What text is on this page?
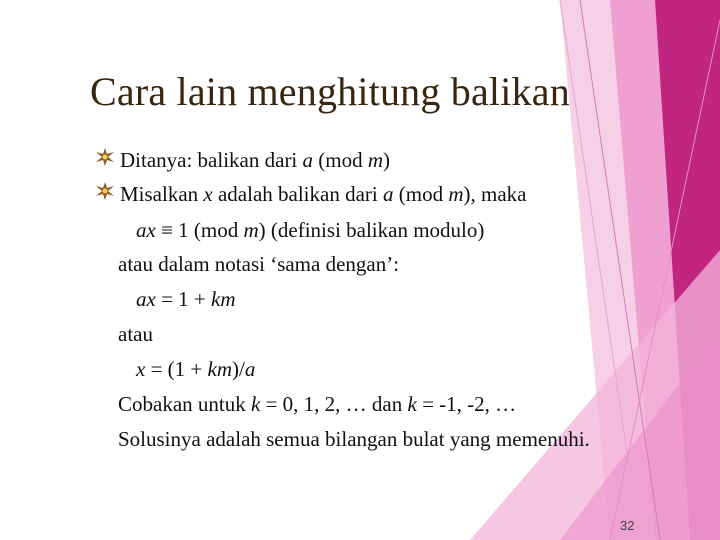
Cara lain menghitung balikan
Ditanya: balikan dari a (mod m)
Misalkan x adalah balikan dari a (mod m), maka
ax ≡ 1 (mod m) (definisi balikan modulo)
atau dalam notasi ‘sama dengan’:
ax = 1 + km
atau
x = (1 + km)/a
Cobakan untuk k = 0, 1, 2, … dan k = -1, -2, …
Solusinya adalah semua bilangan bulat yang memenuhi.
32
